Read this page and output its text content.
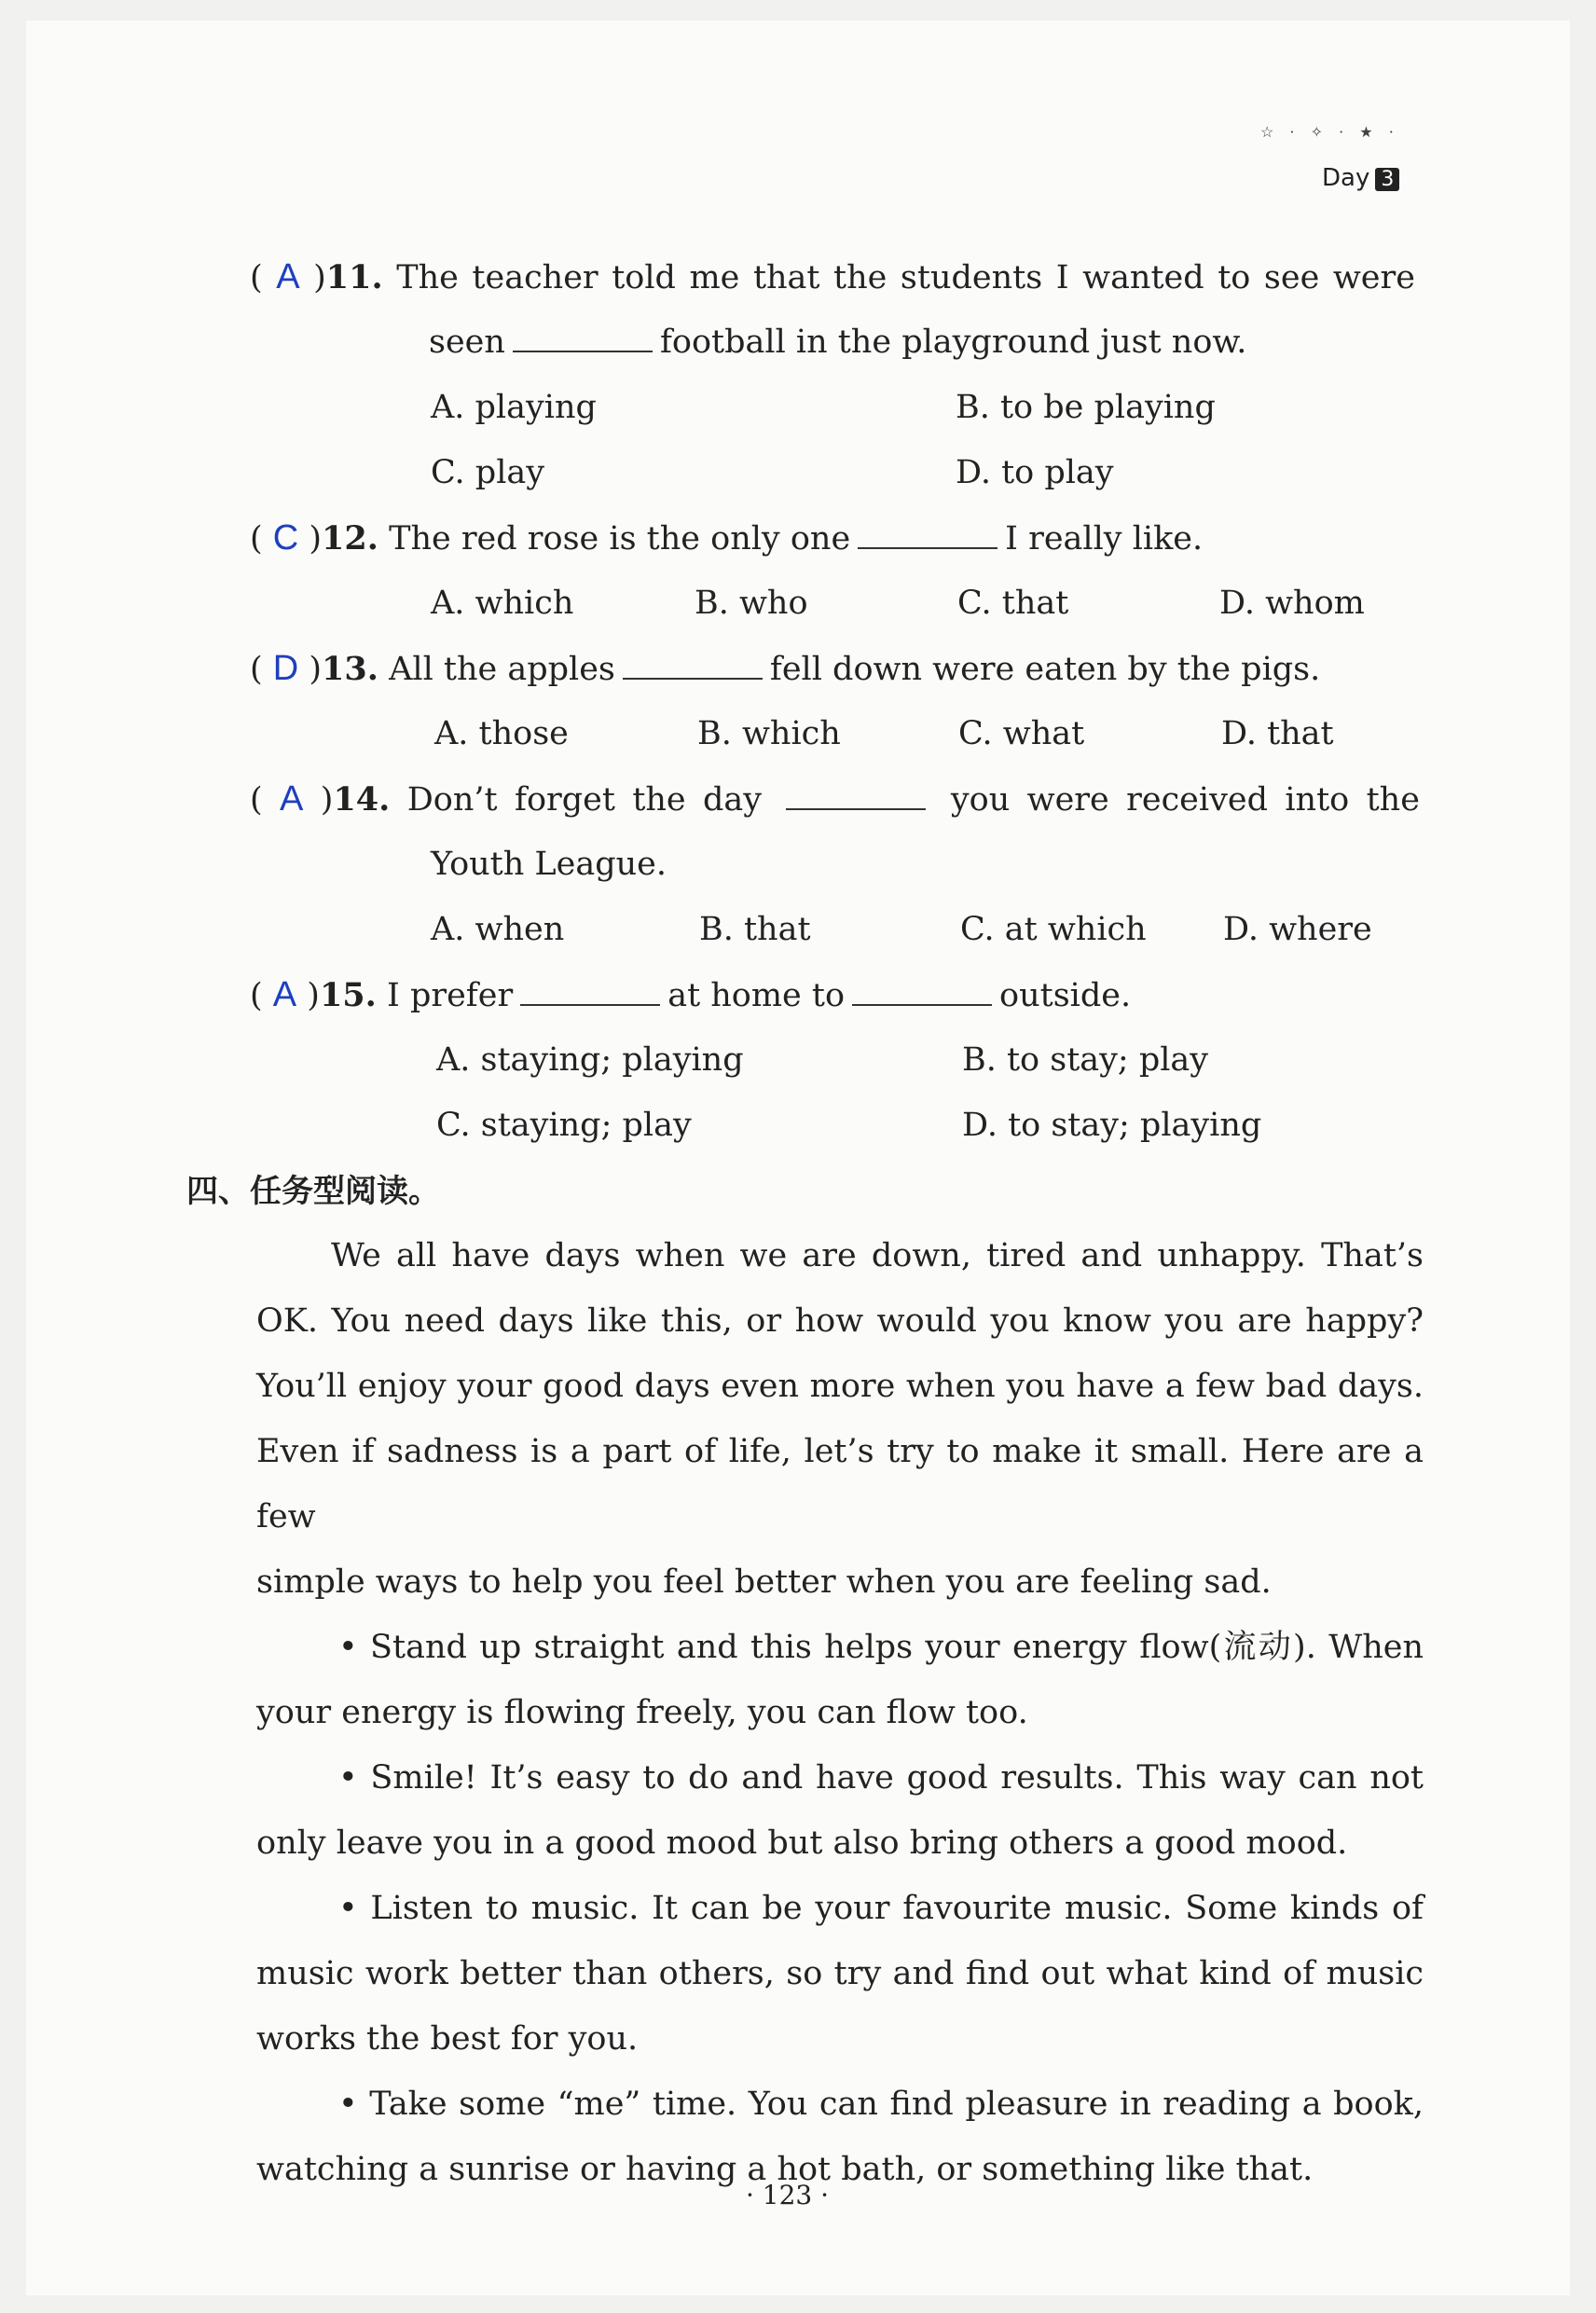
☆ · ✧ · ★ ·
Day 3
( A )11. The teacher told me that the students I wanted to see were
seen	football in the playground just now.
A. playing	B. to be playing
C. play	D. to play
( C )12. The red rose is the only one	I really like.
A. which	B. who	C. that	D. whom
( D )13. All the apples	fell down were eaten by the pigs.
A. those	B. which	C. what	D. that
( A )14. Don’t forget the day	you were received into the
Youth League.
A. when	B. that	C. at which D. where
( A )15. I prefer	at home to	outside.
A. staying; playing	B. to stay; play
C. staying; play	D. to stay; playing
四、任务型阅读。
We all have days when we are down, tired and unhappy. That’s
OK. You need days like this, or how would you know you are happy?
You’ll enjoy your good days even more when you have a few bad days.
Even if sadness is a part of life, let’s try to make it small. Here are a few
simple ways to help you feel better when you are feeling sad.
• Stand up straight and this helps your energy flow(流动). When
your energy is flowing freely, you can flow too.
• Smile! It’s easy to do and have good results. This way can not
only leave you in a good mood but also bring others a good mood.
• Listen to music. It can be your favourite music. Some kinds of
music work better than others, so try and find out what kind of music
works the best for you.
• Take some “me” time. You can find pleasure in reading a book,
watching a sunrise or having a hot bath, or something like that.
· 123 ·
